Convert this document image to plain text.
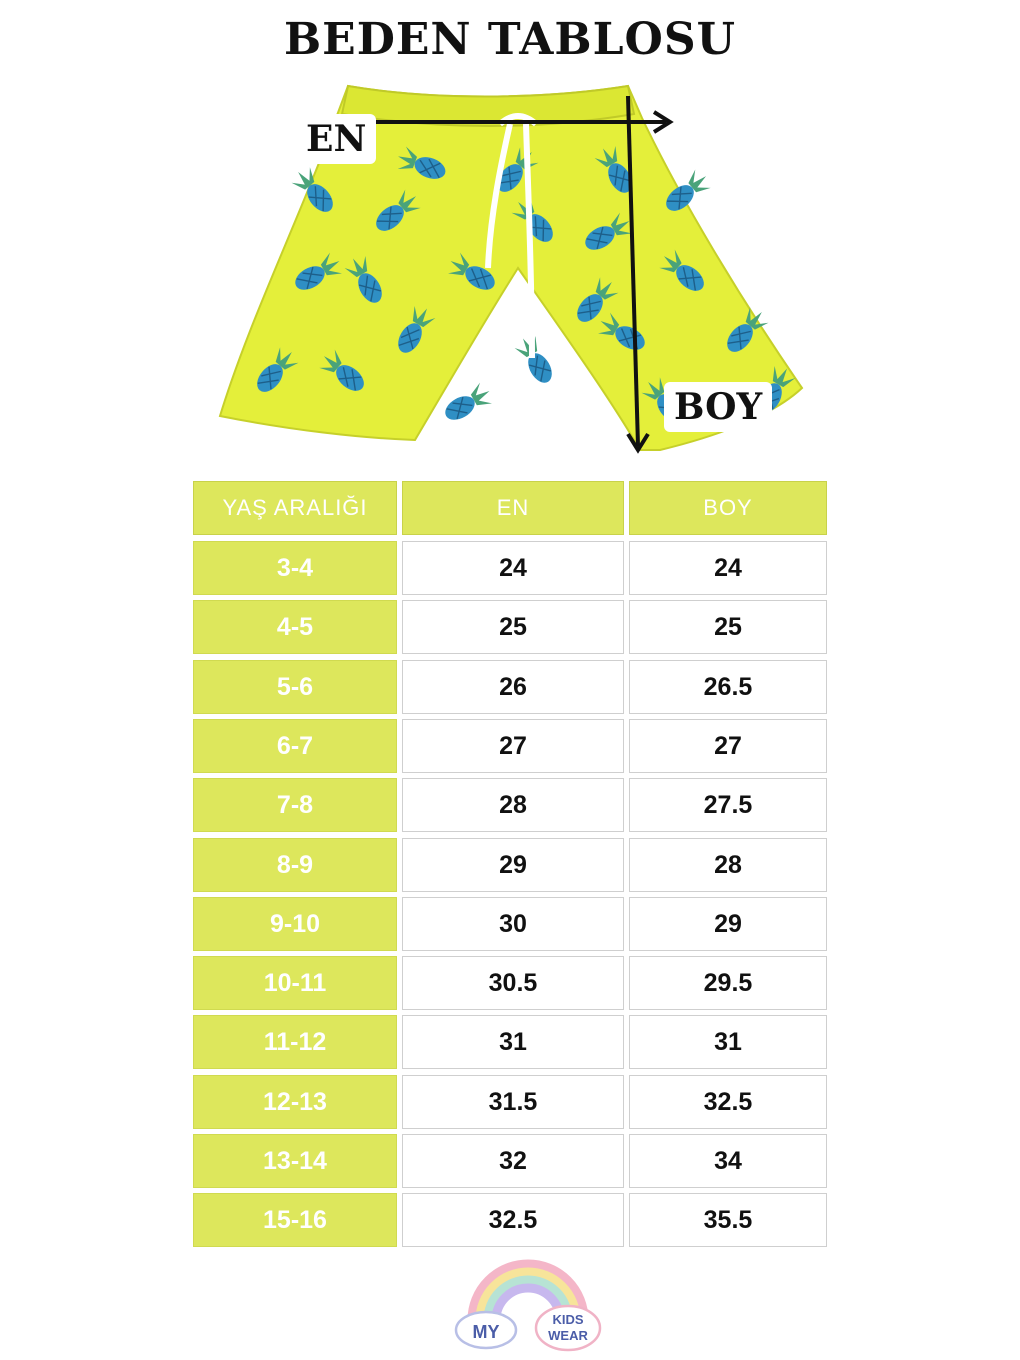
BEDEN TABLOSU
EN
BOY
YAŞ ARALIĞI	EN	BOY
3-4	24	24
4-5	25	25
5-6	26	26.5
6-7	27	27
7-8	28	27.5
8-9	29	28
9-10	30	29
10-11	30.5	29.5
11-12	31	31
12-13	31.5	32.5
13-14	32	34
15-16	32.5	35.5
MY
KIDS
WEAR
